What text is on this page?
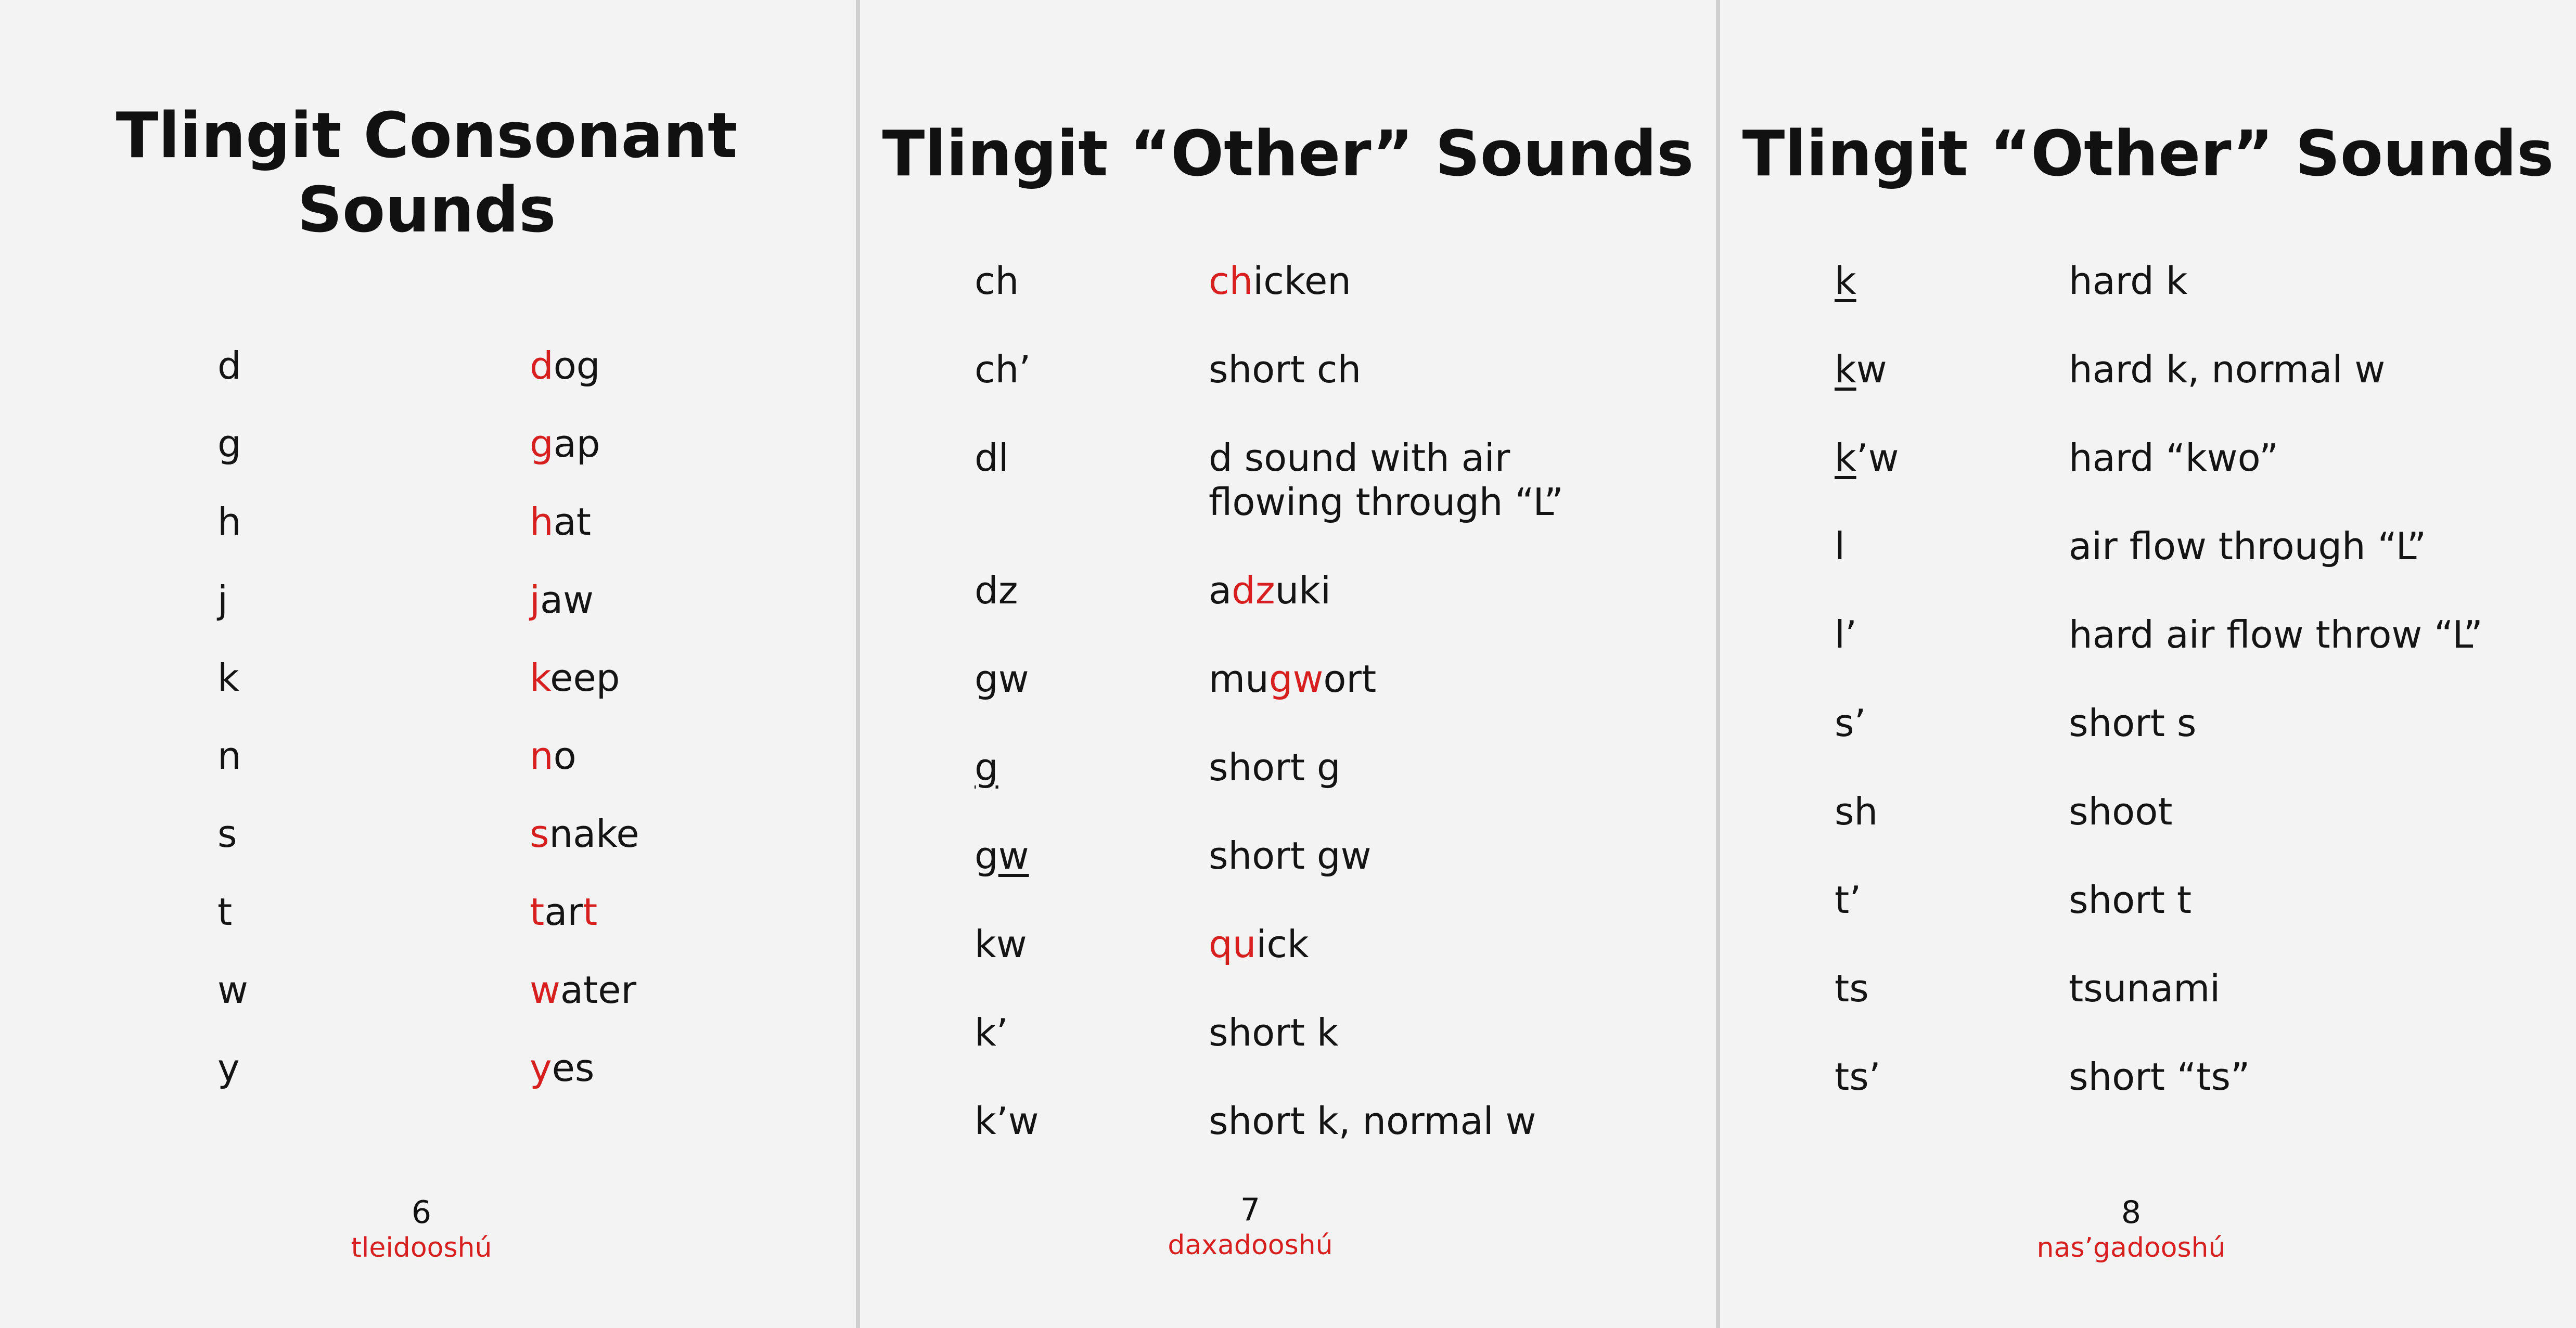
Tlingit Consonant Sounds
d	dog
g	gap
h	hat
j	jaw
k	keep
n	no
s	snake
t	tart
w	water
y	yes
6
tleidooshú
Tlingit “Other” Sounds
ch	chicken
ch’	short ch
dl	d sound with air
flowing through “L”
dz	adzuki
gw	mugwort
g	short g
gw	short gw
kw	quick
k’	short k
k’w	short k, normal w
7
daxadooshú
Tlingit “Other” Sounds
k	hard k
kw	hard k, normal w
k’w	hard “kwo”
l	air flow through “L”
l’	hard air flow throw “L”
s’	short s
sh	shoot
t’	short t
ts	tsunami
ts’	short “ts”
8
nas’gadooshú
